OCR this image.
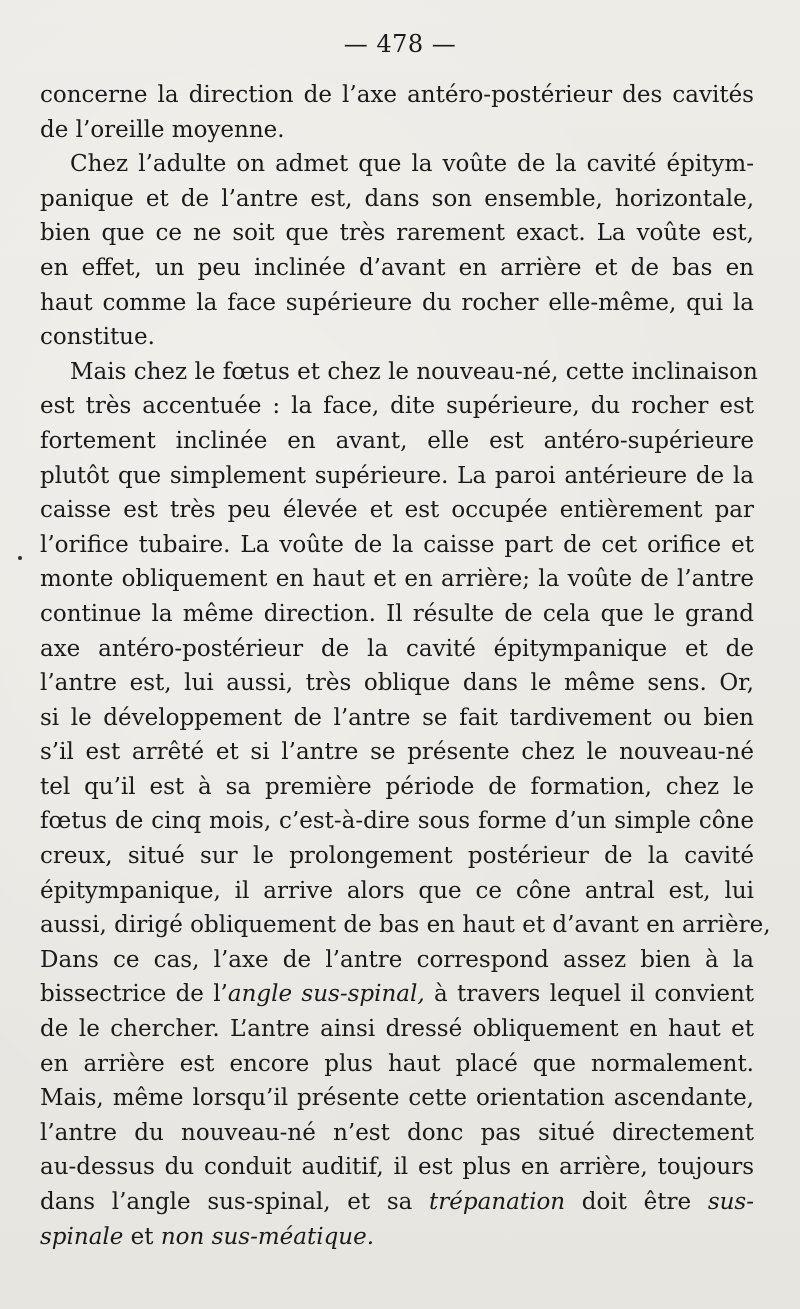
— 478 —
concerne la direction de l’axe antéro-postérieur des cavités
de l’oreille moyenne.
Chez l’adulte on admet que la voûte de la cavité épitym-
panique et de l’antre est, dans son ensemble, horizontale,
bien que ce ne soit que très rarement exact. La voûte est,
en effet, un peu inclinée d’avant en arrière et de bas en
haut comme la face supérieure du rocher elle-même, qui la
constitue.
Mais chez le fœtus et chez le nouveau-né, cette inclinaison
est très accentuée : la face, dite supérieure, du rocher est
fortement inclinée en avant, elle est antéro-supérieure
plutôt que simplement supérieure. La paroi antérieure de la
caisse est très peu élevée et est occupée entièrement par
l’orifice tubaire. La voûte de la caisse part de cet orifice et
monte obliquement en haut et en arrière; la voûte de l’antre
continue la même direction. Il résulte de cela que le grand
axe antéro-postérieur de la cavité épitympanique et de
l’antre est, lui aussi, très oblique dans le même sens. Or,
si le développement de l’antre se fait tardivement ou bien
s’il est arrêté et si l’antre se présente chez le nouveau-né
tel qu’il est à sa première période de formation, chez le
fœtus de cinq mois, c’est-à-dire sous forme d’un simple cône
creux, situé sur le prolongement postérieur de la cavité
épitympanique, il arrive alors que ce cône antral est, lui
aussi, dirigé obliquement de bas en haut et d’avant en arrière,
Dans ce cas, l’axe de l’antre correspond assez bien à la
bissectrice de l’angle sus-spinal, à travers lequel il convient
de le chercher. L’antre ainsi dressé obliquement en haut et
en arrière est encore plus haut placé que normalement.
Mais, même lorsqu’il présente cette orientation ascendante,
l’antre du nouveau-né n’est donc pas situé directement
au-dessus du conduit auditif, il est plus en arrière, toujours
dans l’angle sus-spinal, et sa trépanation doit être sus-
spinale et non sus-méatique.
